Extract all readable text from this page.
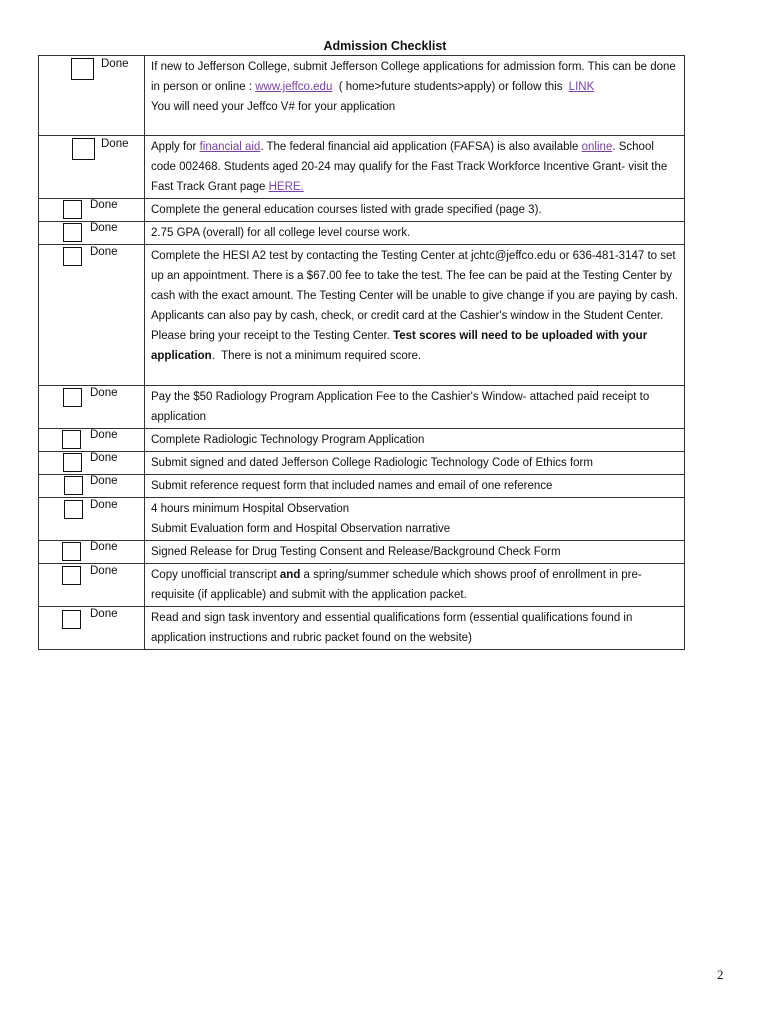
Admission Checklist
Done	If new to Jefferson College, submit Jefferson College applications for admission form. This can be done in person or online : www.jeffco.edu  ( home>future students>apply) or follow this LINK
You will need your Jeffco V# for your application

Done	Apply for financial aid. The federal financial aid application (FAFSA) is also available online. School code 002468. Students aged 20-24 may qualify for the Fast Track Workforce Incentive Grant- visit the Fast Track Grant page HERE.

Done	Complete the general education courses listed with grade specified (page 3).

Done	2.75 GPA (overall) for all college level course work.

Done	Complete the HESI A2 test by contacting the Testing Center at jchtc@jeffco.edu or 636-481-3147 to set up an appointment. There is a $67.00 fee to take the test. The fee can be paid at the Testing Center by cash with the exact amount. The Testing Center will be unable to give change if you are paying by cash. Applicants can also pay by cash, check, or credit card at the Cashier's window in the Student Center. Please bring your receipt to the Testing Center. Test scores will need to be uploaded with your application.  There is not a minimum required score.

Done	Pay the $50 Radiology Program Application Fee to the Cashier's Window- attached paid receipt to application

Done	Complete Radiologic Technology Program Application

Done	Submit signed and dated Jefferson College Radiologic Technology Code of Ethics form

Done	Submit reference request form that included names and email of one reference

Done	4 hours minimum Hospital Observation
Submit Evaluation form and Hospital Observation narrative

Done	Signed Release for Drug Testing Consent and Release/Background Check Form

Done	Copy unofficial transcript and a spring/summer schedule which shows proof of enrollment in pre-requisite (if applicable) and submit with the application packet.

Done	Read and sign task inventory and essential qualifications form (essential qualifications found in application instructions and rubric packet found on the website)
2
